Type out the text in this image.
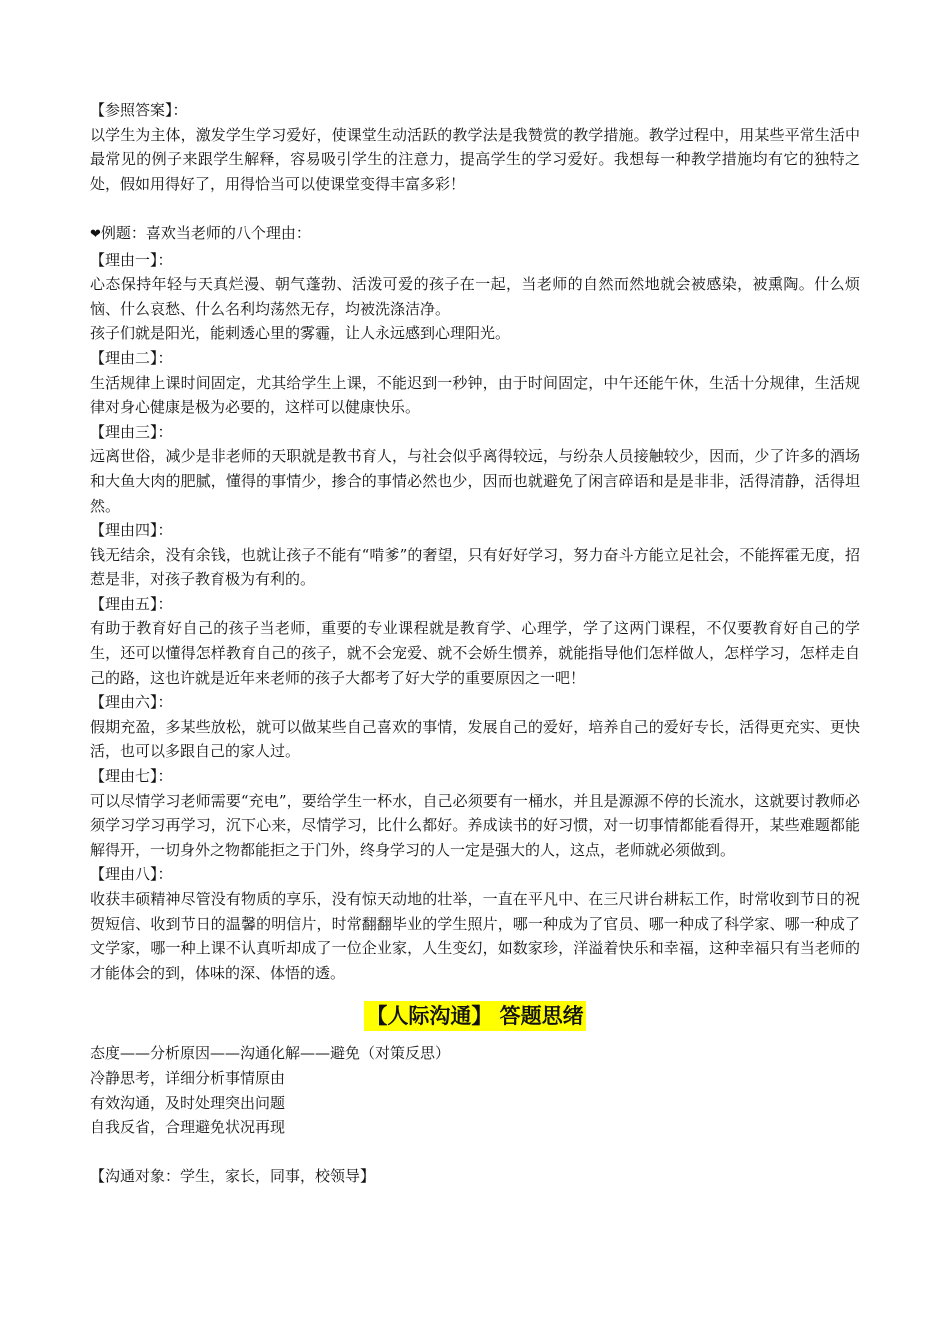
【参照答案】：

以学生为主体，激发学生学习爱好，使课堂生动活跃的教学法是我赞赏的教学措施。教学过程中，用某些平常生活中最常见的例子来跟学生解释，容易吸引学生的注意力，提高学生的学习爱好。我想每一种教学措施均有它的独特之处，假如用得好了，用得恰当可以使课堂变得丰富多彩！

❤例题：喜欢当老师的八个理由：

【理由一】：

心态保持年轻与天真烂漫、朝气蓬勃、活泼可爱的孩子在一起，当老师的自然而然地就会被感染，被熏陶。什么烦恼、什么哀愁、什么名利均荡然无存，均被洗涤洁净。

孩子们就是阳光，能刺透心里的雾霾，让人永远感到心理阳光。

【理由二】：

生活规律上课时间固定，尤其给学生上课，不能迟到一秒钟，由于时间固定，中午还能午休，生活十分规律，生活规律对身心健康是极为必要的，这样可以健康快乐。

【理由三】：

远离世俗，减少是非老师的天职就是教书育人，与社会似乎离得较远，与纷杂人员接触较少，因而，少了许多的酒场和大鱼大肉的肥腻，懂得的事情少，掺合的事情必然也少，因而也就避免了闲言碎语和是是非非，活得清静，活得坦然。

【理由四】：

钱无结余，没有余钱，也就让孩子不能有“啃爹”的奢望，只有好好学习，努力奋斗方能立足社会，不能挥霍无度，招惹是非，对孩子教育极为有利的。

【理由五】：

有助于教育好自己的孩子当老师，重要的专业课程就是教育学、心理学，学了这两门课程，不仅要教育好自己的学生，还可以懂得怎样教育自己的孩子，就不会宠爱、就不会娇生惯养，就能指导他们怎样做人，怎样学习，怎样走自己的路，这也许就是近年来老师的孩子大都考了好大学的重要原因之一吧！

【理由六】：

假期充盈，多某些放松，就可以做某些自己喜欢的事情，发展自己的爱好，培养自己的爱好专长，活得更充实、更快活，也可以多跟自己的家人过。

【理由七】：

可以尽情学习老师需要“充电”，要给学生一杯水，自己必须要有一桶水，并且是源源不停的长流水，这就要讨教师必须学习学习再学习，沉下心来，尽情学习，比什么都好。养成读书的好习惯，对一切事情都能看得开，某些难题都能解得开，一切身外之物都能拒之于门外，终身学习的人一定是强大的人，这点，老师就必须做到。

【理由八】：

收获丰硕精神尽管没有物质的享乐，没有惊天动地的壮举，一直在平凡中、在三尺讲台耕耘工作，时常收到节日的祝贺短信、收到节日的温馨的明信片，时常翻翻毕业的学生照片，哪一种成为了官员、哪一种成了科学家、哪一种成了文学家，哪一种上课不认真听却成了一位企业家，人生变幻，如数家珍，洋溢着快乐和幸福，这种幸福只有当老师的才能体会的到，体味的深、体悟的透。

【人际沟通】 答题思绪

态度——分析原因——沟通化解——避免（对策反思）

冷静思考，详细分析事情原由

有效沟通，及时处理突出问题

自我反省，合理避免状况再现

【沟通对象：学生，家长，同事，校领导】
